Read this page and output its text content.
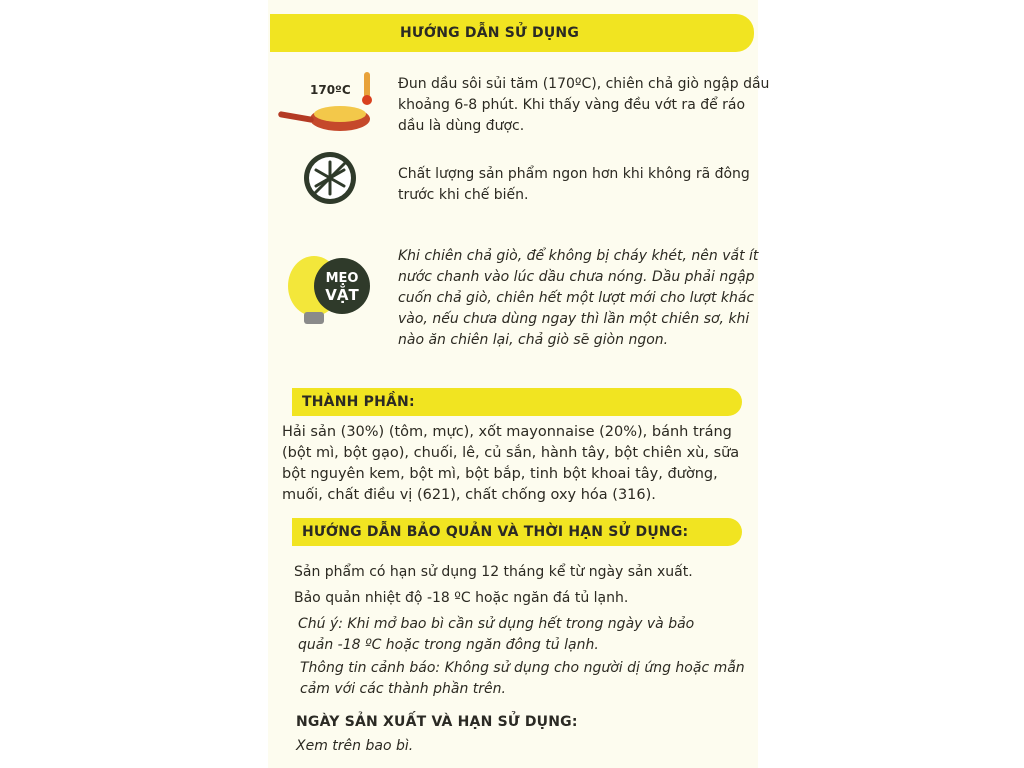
HƯỚNG DẪN SỬ DỤNG
170ºC	Đun dầu sôi sủi tăm (170ºC), chiên chả giò ngập dầu
khoảng 6-8 phút. Khi thấy vàng đều vớt ra để ráo
dầu là dùng được.
Chất lượng sản phẩm ngon hơn khi không rã đông
trước khi chế biến.
MẸO
VẶT
Khi chiên chả giò, để không bị cháy khét, nên vắt ít
nước chanh vào lúc dầu chưa nóng. Dầu phải ngập
cuốn chả giò, chiên hết một lượt mới cho lượt khác
vào, nếu chưa dùng ngay thì lần một chiên sơ, khi
nào ăn chiên lại, chả giò sẽ giòn ngon.
THÀNH PHẦN:
Hải sản (30%) (tôm, mực), xốt mayonnaise (20%), bánh tráng
(bột mì, bột gạo), chuối, lê, củ sắn, hành tây, bột chiên xù, sữa
bột nguyên kem, bột mì, bột bắp, tinh bột khoai tây, đường,
muối, chất điều vị (621), chất chống oxy hóa (316).
HƯỚNG DẪN BẢO QUẢN VÀ THỜI HẠN SỬ DỤNG:
Sản phẩm có hạn sử dụng 12 tháng kể từ ngày sản xuất.
Bảo quản nhiệt độ -18 ºC hoặc ngăn đá tủ lạnh.
Chú ý: Khi mở bao bì cần sử dụng hết trong ngày và bảo
quản -18 ºC hoặc trong ngăn đông tủ lạnh.
Thông tin cảnh báo: Không sử dụng cho người dị ứng hoặc mẫn
cảm với các thành phần trên.
NGÀY SẢN XUẤT VÀ HẠN SỬ DỤNG:
Xem trên bao bì.
